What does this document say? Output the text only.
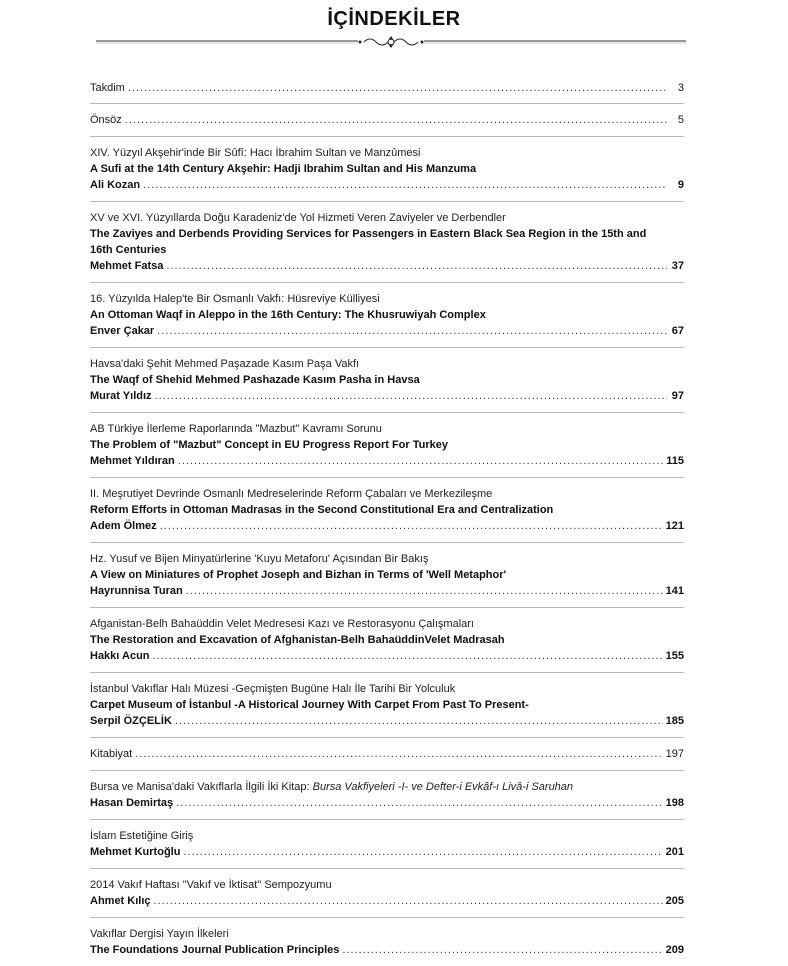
İÇİNDEKİLER
Takdim .....	3
Önsöz .....	5
XIV. Yüzyıl Akşehir'inde Bir Sûfî: Hacı İbrahim Sultan ve Manzûmesi
A Sufi at the 14th Century Akşehir: Hadji Ibrahim Sultan and His Manzuma
Ali Kozan .....	9
XV ve XVI. Yüzyıllarda Doğu Karadeniz'de Yol Hizmeti Veren Zaviyeler ve Derbendler
The Zaviyes and Derbends Providing Services for Passengers in Eastern Black Sea Region in the 15th and 16th Centuries
Mehmet Fatsa .....	37
16. Yüzyılda Halep'te Bir Osmanlı Vakfı: Hüsreviye Külliyesi
An Ottoman Waqf in Aleppo in the 16th Century: The Khusruwiyah Complex
Enver Çakar .....	67
Havsa'daki Şehit Mehmed Paşazade Kasım Paşa Vakfı
The Waqf of Shehid Mehmed Pashazade Kasım Pasha in Havsa
Murat Yıldız .....	97
AB Türkiye İlerleme Raporlarında "Mazbut" Kavramı Sorunu
The Problem of "Mazbut" Concept in EU Progress Report For Turkey
Mehmet Yıldıran .....	115
II. Meşrutiyet Devrinde Osmanlı Medreselerinde Reform Çabaları ve Merkezileşme
Reform Efforts in Ottoman Madrasas in the Second Constitutional Era and Centralization
Adem Ölmez .....	121
Hz. Yusuf ve Bijen Minyatürlerine 'Kuyu Metaforu' Açısından Bir Bakış
A View on Miniatures of Prophet Joseph and Bizhan in Terms of 'Well Metaphor'
Hayrunnisa Turan .....	141
Afganistan-Belh Bahaüddin Velet Medresesi Kazı ve Restorasyonu Çalışmaları
The Restoration and Excavation of Afghanistan-Belh BahaüddinVelet Madrasah
Hakkı Acun .....	155
İstanbul Vakıflar Halı Müzesi -Geçmişten Bugüne Halı İle Tarihi Bir Yolculuk
Carpet Museum of İstanbul -A Historical Journey With Carpet From Past To Present-
Serpil ÖZÇELİK .....	185
Kitabiyat .....	197
Bursa ve Manisa'daki Vakıflarla İlgili İki Kitap: Bursa Vakfiyeleri -I- ve Defter-i Evkâf-ı Livâ-i Saruhan
Hasan Demirtaş .....	198
İslam Estetiğine Giriş
Mehmet Kurtoğlu .....	201
2014 Vakıf Haftası "Vakıf ve İktisat" Sempozyumu
Ahmet Kılıç .....	205
Vakıflar Dergisi Yayın İlkeleri
The Foundations Journal Publication Principles .....	209
